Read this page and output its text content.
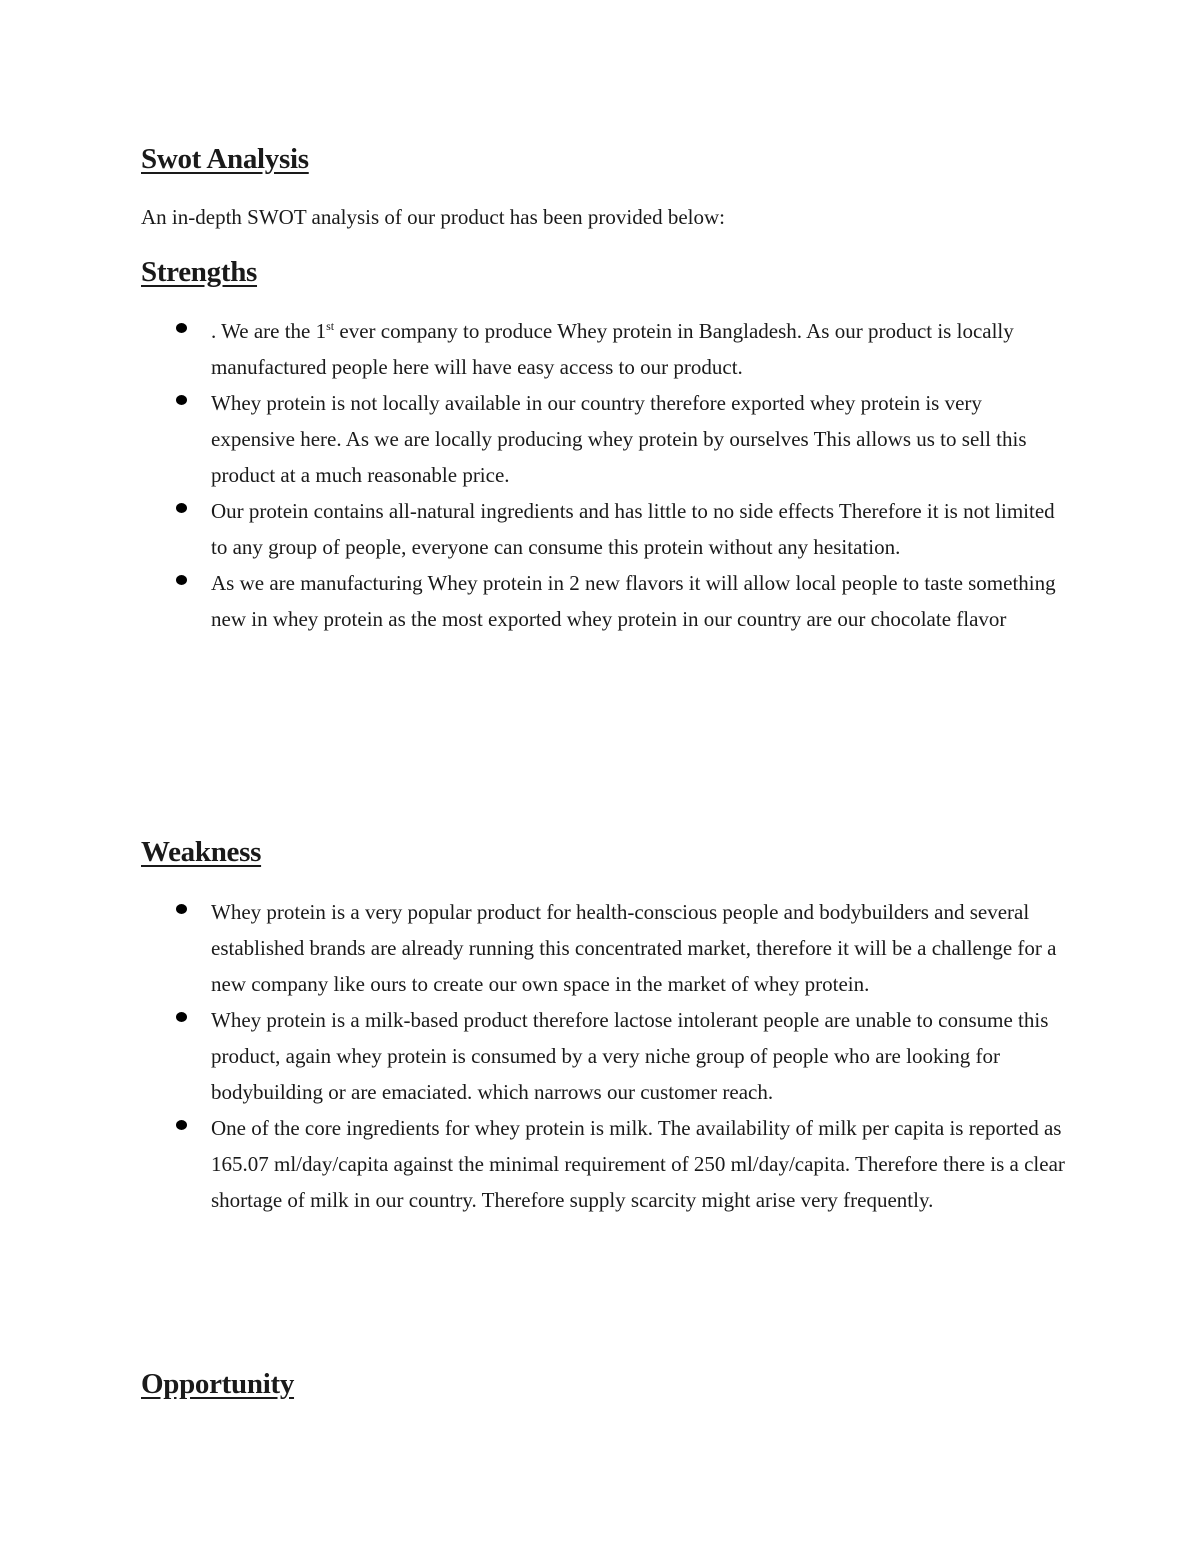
Swot Analysis

An in-depth SWOT analysis of our product has been provided below:

Strengths
. We are the 1st ever company to produce Whey protein in Bangladesh. As our product is locally manufactured people here will have easy access to our product.
Whey protein is not locally available in our country therefore exported whey protein is very expensive here. As we are locally producing whey protein by ourselves This allows us to sell this product at a much reasonable price.
Our protein contains all-natural ingredients and has little to no side effects Therefore it is not limited to any group of people, everyone can consume this protein without any hesitation.
As we are manufacturing Whey protein in 2 new flavors it will allow local people to taste something new in whey protein as the most exported whey protein in our country are our chocolate flavor
Weakness
Whey protein is a very popular product for health-conscious people and bodybuilders and several established brands are already running this concentrated market, therefore it will be a challenge for a new company like ours to create our own space in the market of whey protein.
Whey protein is a milk-based product therefore lactose intolerant people are unable to consume this product, again whey protein is consumed by a very niche group of people who are looking for bodybuilding or are emaciated. which narrows our customer reach.
One of the core ingredients for whey protein is milk. The availability of milk per capita is reported as 165.07 ml/day/capita against the minimal requirement of 250 ml/day/capita. Therefore there is a clear shortage of milk in our country. Therefore supply scarcity might arise very frequently.
Opportunity
